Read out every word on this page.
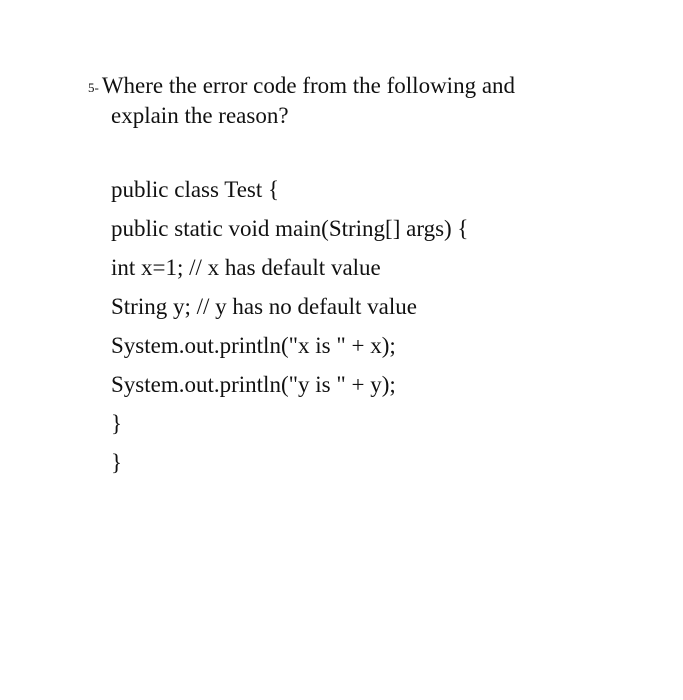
5- Where the error code from the following and
explain the reason?
public class Test {
public static void main(String[] args) {
int x=1; // x has default value
String y; // y has no default value
System.out.println("x is " + x);
System.out.println("y is " + y);
}
}
